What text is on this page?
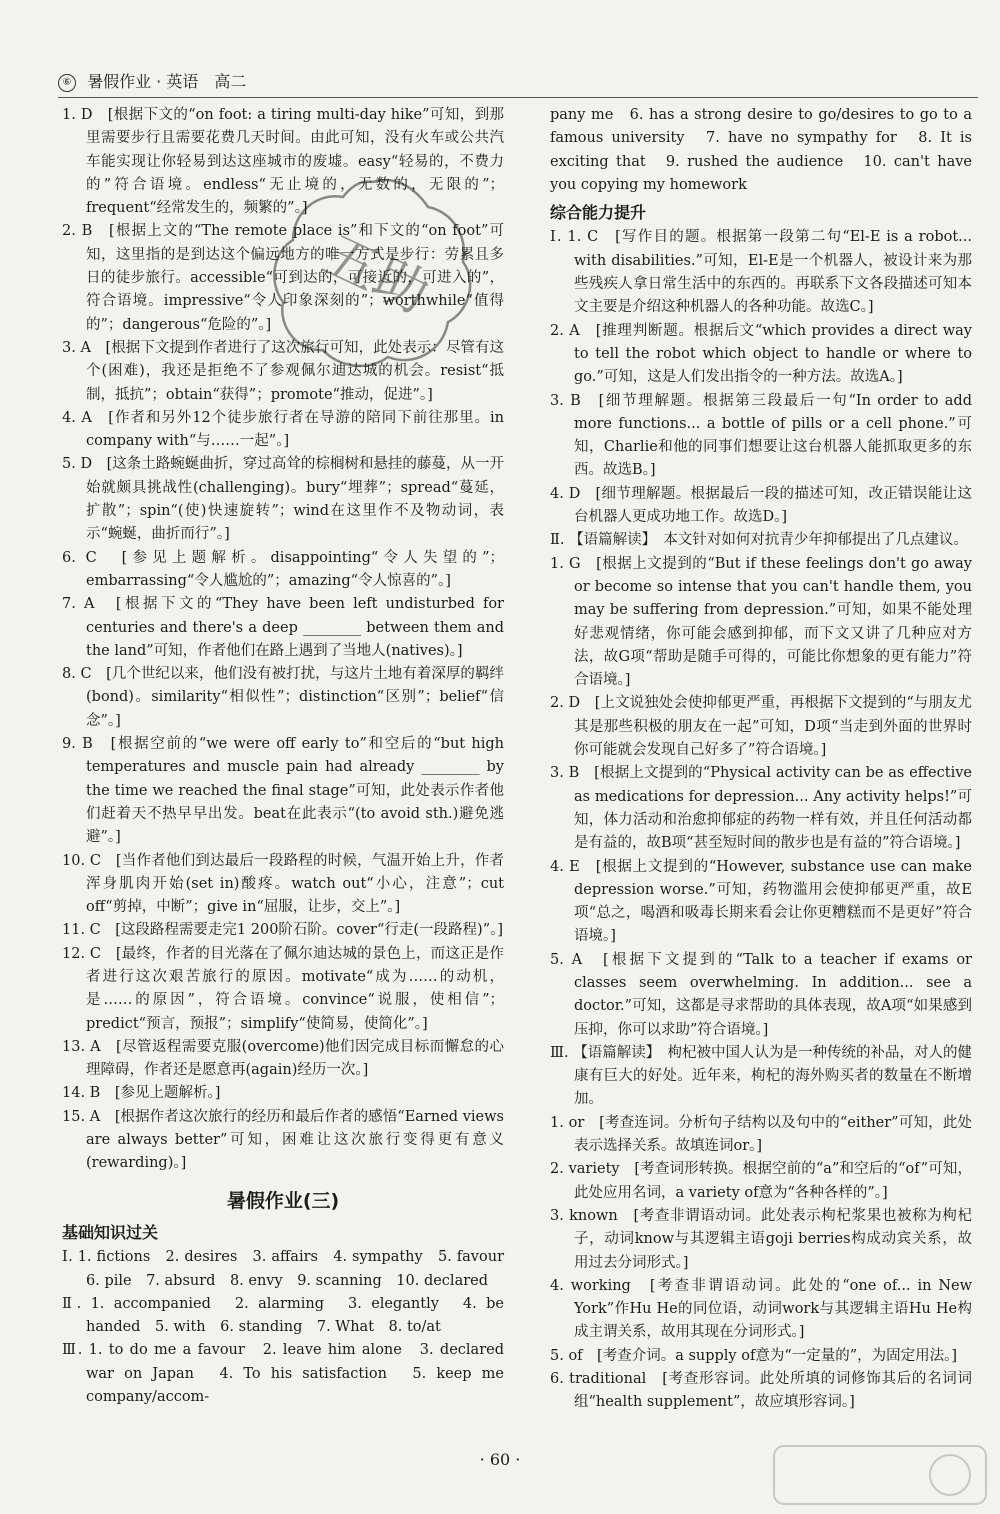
⑥ 暑假作业 · 英语　高二
五助

1. D　[根据下文的“on foot: a tiring multi-day hike”可知，到那里需要步行且需要花费几天时间。由此可知，没有火车或公共汽车能实现让你轻易到达这座城市的废墟。easy“轻易的，不费力的”符合语境。endless“无止境的，无数的，无限的”；frequent“经常发生的，频繁的”。]

2. B　[根据上文的“The remote place is”和下文的“on foot”可知，这里指的是到达这个偏远地方的唯一方式是步行：劳累且多日的徒步旅行。accessible“可到达的，可接近的，可进入的”，符合语境。impressive“令人印象深刻的”；worthwhile“值得的”；dangerous“危险的”。]

3. A　[根据下文提到作者进行了这次旅行可知，此处表示：尽管有这个(困难)，我还是拒绝不了参观佩尔迪达城的机会。resist“抵制，抵抗”；obtain“获得”；promote“推动，促进”。]

4. A　[作者和另外12个徒步旅行者在导游的陪同下前往那里。in company with“与……一起”。]

5. D　[这条土路蜿蜒曲折，穿过高耸的棕榈树和悬挂的藤蔓，从一开始就颇具挑战性(challenging)。bury“埋葬”；spread“蔓延，扩散”；spin“(使)快速旋转”；wind在这里作不及物动词，表示“蜿蜒，曲折而行”。]

6. C　[参见上题解析。disappointing“令人失望的”；embarrassing“令人尴尬的”；amazing“令人惊喜的”。]

7. A　[根据下文的“They have been left undisturbed for centuries and there's a deep ________ between them and the land”可知，作者他们在路上遇到了当地人(natives)。]

8. C　[几个世纪以来，他们没有被打扰，与这片土地有着深厚的羁绊(bond)。similarity“相似性”；distinction“区别”；belief“信念”。]

9. B　[根据空前的“we were off early to”和空后的“but high temperatures and muscle pain had already ________ by the time we reached the final stage”可知，此处表示作者他们赶着天不热早早出发。beat在此表示“(to avoid sth.)避免逃避”。]

10. C　[当作者他们到达最后一段路程的时候，气温开始上升，作者浑身肌肉开始(set in)酸疼。watch out“小心，注意”；cut off“剪掉，中断”；give in“屈服，让步，交上”。]

11. C　[这段路程需要走完1 200阶石阶。cover“行走(一段路程)”。]

12. C　[最终，作者的目光落在了佩尔迪达城的景色上，而这正是作者进行这次艰苦旅行的原因。motivate“成为……的动机，是……的原因”，符合语境。convince“说服，使相信”；predict“预言，预报”；simplify“使简易，使简化”。]

13. A　[尽管返程需要克服(overcome)他们因完成目标而懈怠的心理障碍，作者还是愿意再(again)经历一次。]

14. B　[参见上题解析。]

15. A　[根据作者这次旅行的经历和最后作者的感悟“Earned views are always better”可知，困难让这次旅行变得更有意义(rewarding)。]

暑假作业(三)
基础知识过关

Ⅰ. 1. fictions　2. desires　3. affairs　4. sympathy　5. favour　6. pile　7. absurd　8. envy　9. scanning　10. declared

Ⅱ. 1. accompanied　2. alarming　3. elegantly　4. be handed　5. with　6. standing　7. What　8. to/at

Ⅲ. 1. to do me a favour　2. leave him alone　3. declared war on Japan　4. To his satisfaction　5. keep me company/accom-

pany me　6. has a strong desire to go/desires to go to a famous university　7. have no sympathy for　8. It is exciting that　9. rushed the audience　10. can't have you copying my homework

综合能力提升

Ⅰ. 1. C　[写作目的题。根据第一段第二句“El-E is a robot... with disabilities.”可知，El-E是一个机器人，被设计来为那些残疾人拿日常生活中的东西的。再联系下文各段描述可知本文主要是介绍这种机器人的各种功能。故选C。]

2. A　[推理判断题。根据后文“which provides a direct way to tell the robot which object to handle or where to go.”可知，这是人们发出指令的一种方法。故选A。]

3. B　[细节理解题。根据第三段最后一句“In order to add more functions... a bottle of pills or a cell phone.”可知，Charlie和他的同事们想要让这台机器人能抓取更多的东西。故选B。]

4. D　[细节理解题。根据最后一段的描述可知，改正错误能让这台机器人更成功地工作。故选D。]

Ⅱ. 【语篇解读】　本文针对如何对抗青少年抑郁提出了几点建议。

1. G　[根据上文提到的“But if these feelings don't go away or become so intense that you can't handle them, you may be suffering from depression.”可知，如果不能处理好悲观情绪，你可能会感到抑郁，而下文又讲了几种应对方法，故G项“帮助是随手可得的，可能比你想象的更有能力”符合语境。]

2. D　[上文说独处会使抑郁更严重，再根据下文提到的“与朋友尤其是那些积极的朋友在一起”可知，D项“当走到外面的世界时你可能就会发现自己好多了”符合语境。]

3. B　[根据上文提到的“Physical activity can be as effective as medications for depression... Any activity helps!”可知，体力活动和治愈抑郁症的药物一样有效，并且任何活动都是有益的，故B项“甚至短时间的散步也是有益的”符合语境。]

4. E　[根据上文提到的“However, substance use can make depression worse.”可知，药物滥用会使抑郁更严重，故E项“总之，喝酒和吸毒长期来看会让你更糟糕而不是更好”符合语境。]

5. A　[根据下文提到的“Talk to a teacher if exams or classes seem overwhelming. In addition... see a doctor.”可知，这都是寻求帮助的具体表现，故A项“如果感到压抑，你可以求助”符合语境。]

Ⅲ. 【语篇解读】　枸杞被中国人认为是一种传统的补品，对人的健康有巨大的好处。近年来，枸杞的海外购买者的数量在不断增加。

1. or　[考查连词。分析句子结构以及句中的“either”可知，此处表示选择关系。故填连词or。]

2. variety　[考查词形转换。根据空前的“a”和空后的“of”可知，此处应用名词，a variety of意为“各种各样的”。]

3. known　[考查非谓语动词。此处表示枸杞浆果也被称为枸杞子，动词know与其逻辑主语goji berries构成动宾关系，故用过去分词形式。]

4. working　[考查非谓语动词。此处的“one of... in New York”作Hu He的同位语，动词work与其逻辑主语Hu He构成主谓关系，故用其现在分词形式。]

5. of　[考查介词。a supply of意为“一定量的”，为固定用法。]

6. traditional　[考查形容词。此处所填的词修饰其后的名词词组“health supplement”，故应填形容词。]

· 60 ·
